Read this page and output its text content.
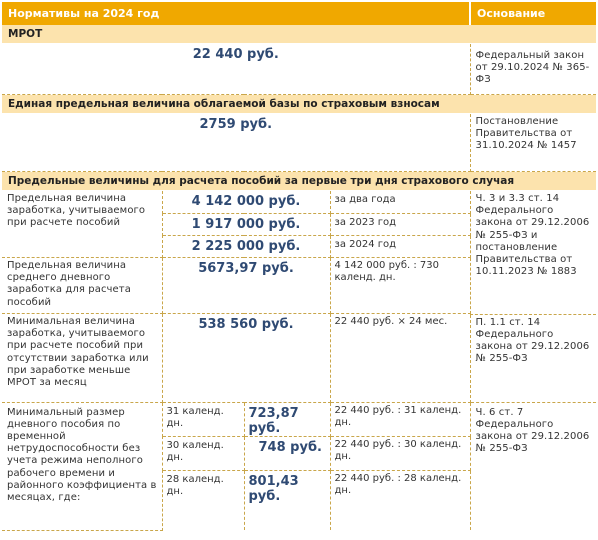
Нормативы на 2024 год				Основание
МРОТ				
22 440 руб.				Федеральный закон от 29.10.2024 № 365-ФЗ
Единая предельная величина облагаемой базы по страховым взносам				
2759 руб.				Постановление Правительства от 31.10.2024 № 1457
Предельные величины для расчета пособий за первые три дня страхового случая				
Предельная величина заработка, учитываемого при расчете пособий	4 142 000 руб.		за два года	Ч. 3 и 3.3 ст. 14 Федерального закона от 29.12.2006 № 255-ФЗ и постановление Правительства от 10.11.2023 № 1883
	1 917 000 руб.		за 2023 год	
	2 225 000 руб.		за 2024 год	
Предельная величина среднего дневного заработка для расчета пособий	5673,97 руб.		4 142 000 руб. : 730 календ. дн.	

Минимальная величина заработка, учитываемого при расчете пособий при отсутствии заработка или при заработке меньше МРОТ за месяц	538 560 руб.		22 440 руб. × 24 мес.	П. 1.1 ст. 14 Федерального закона от 29.12.2006 № 255-ФЗ
Минимальный размер дневного пособия по временной нетрудоспособности без учета режима неполного рабочего времени и районного коэффициента в месяцах, где:	31 календ. дн.	723,87 руб.	22 440 руб. : 31 календ. дн.	Ч. 6 ст. 7 Федерального закона от 29.12.2006 № 255-ФЗ
	30 календ. дн.	748 руб.	22 440 руб. : 30 календ. дн.	
	28 календ. дн.	801,43 руб.	22 440 руб. : 28 календ. дн.	
